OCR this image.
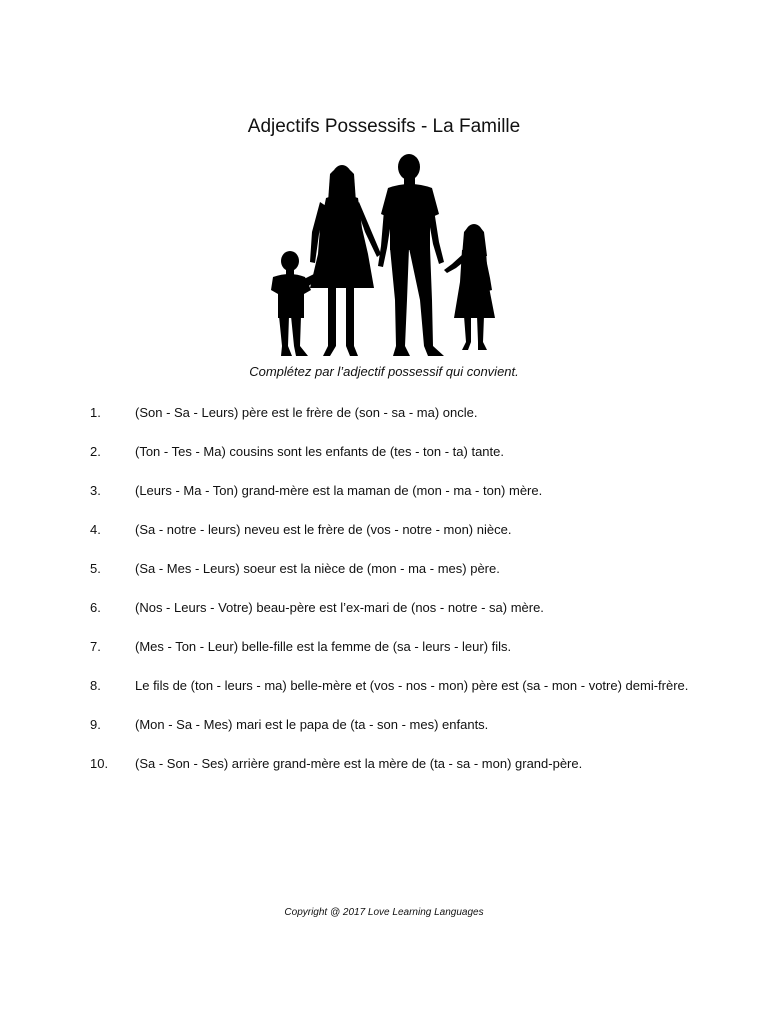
Adjectifs Possessifs - La Famille
Complétez par l’adjectif possessif qui convient.
1.	(Son - Sa - Leurs) père est le frère de (son - sa - ma) oncle.
2.	(Ton - Tes - Ma) cousins sont les enfants de (tes - ton - ta) tante.
3.	(Leurs - Ma - Ton) grand-mère est la maman de (mon - ma - ton) mère.
4.	(Sa - notre - leurs) neveu est le frère de (vos - notre - mon) nièce.
5.	(Sa - Mes - Leurs) soeur est la nièce de (mon - ma - mes) père.
6.	(Nos - Leurs - Votre) beau-père est l’ex-mari de (nos - notre - sa) mère.
7.	(Mes - Ton - Leur) belle-fille est la femme de (sa - leurs - leur) fils.
8.	Le fils de (ton - leurs - ma) belle-mère et (vos - nos - mon) père est (sa - mon - votre) demi-frère.
9.	(Mon - Sa - Mes) mari est le papa de (ta - son - mes) enfants.
10.	(Sa - Son - Ses) arrière grand-mère est la mère de (ta - sa - mon) grand-père.
Copyright @ 2017 Love Learning Languages
